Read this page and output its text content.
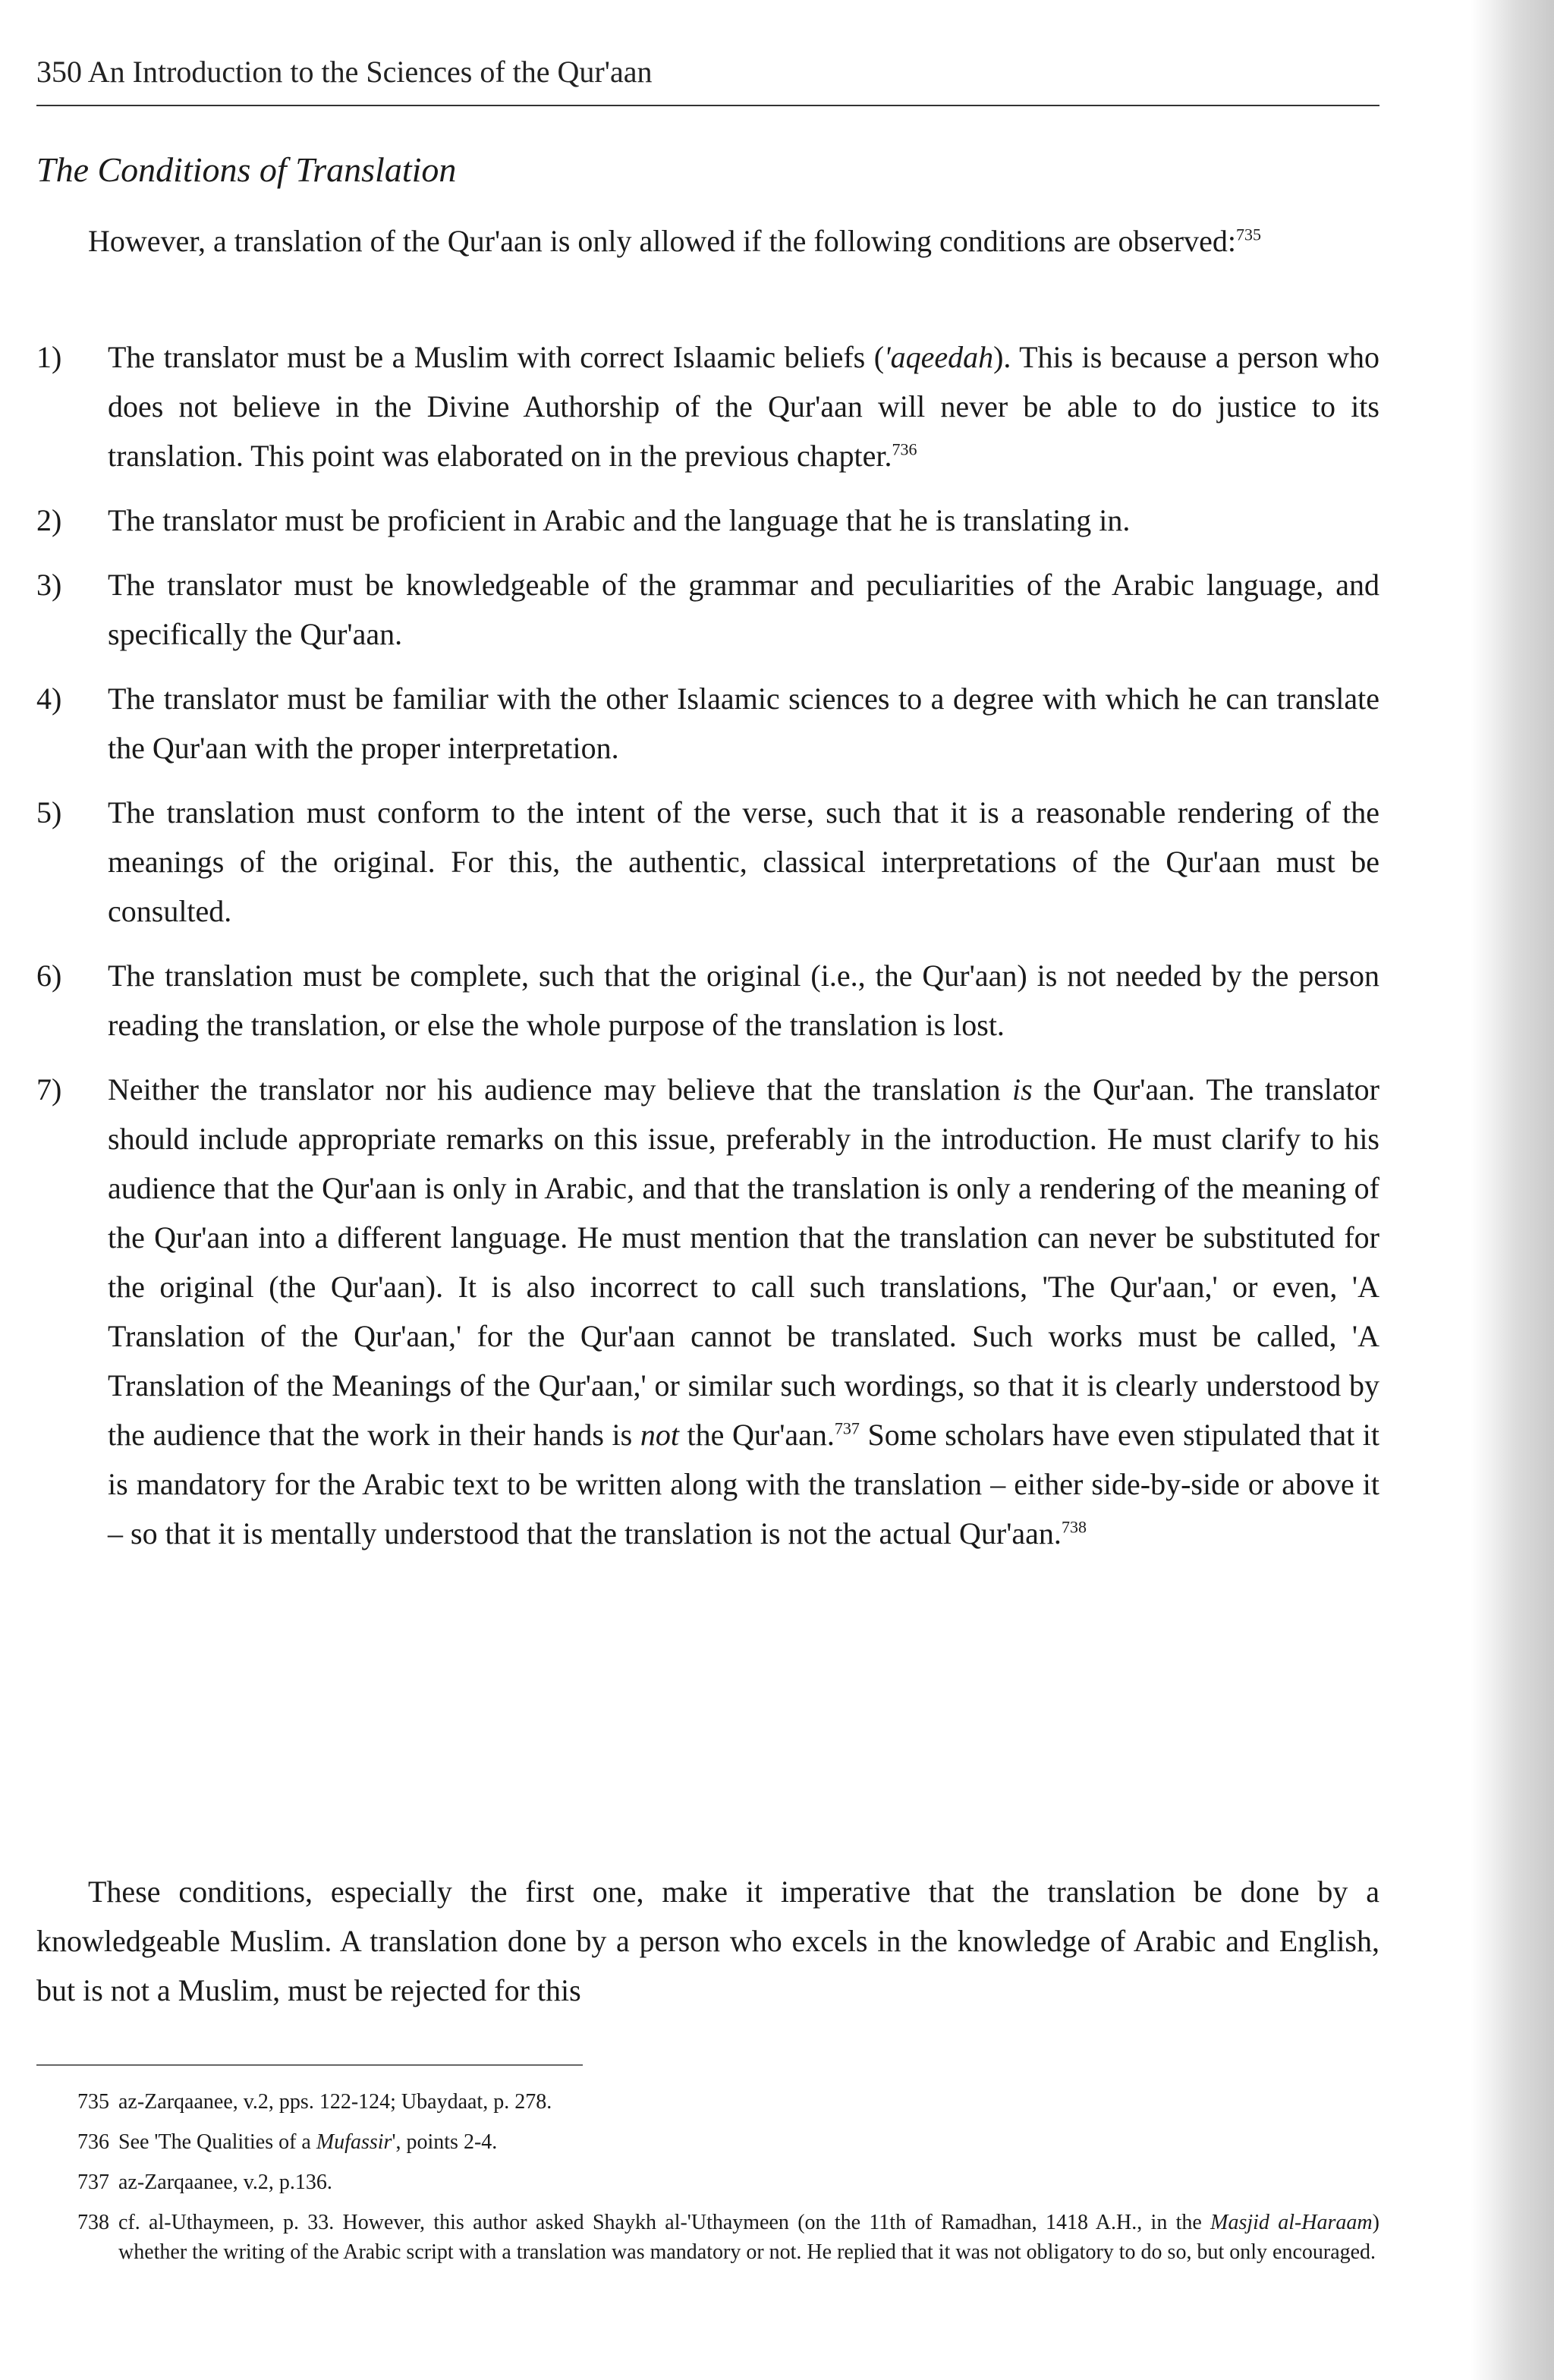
350 An Introduction to the Sciences of the Qur'aan
The Conditions of Translation

However, a translation of the Qur'aan is only allowed if the following conditions are observed:$^{735}$

1) The translator must be a Muslim with correct Islaamic beliefs ('aqeedah). This is because a person who does not believe in the Divine Authorship of the Qur'aan will never be able to do justice to its translation. This point was elaborated on in the previous chapter.$^{736}$
2) The translator must be proficient in Arabic and the language that he is translating in.
3) The translator must be knowledgeable of the grammar and peculiarities of the Arabic language, and specifically the Qur'aan.
4) The translator must be familiar with the other Islaamic sciences to a degree with which he can translate the Qur'aan with the proper interpretation.
5) The translation must conform to the intent of the verse, such that it is a reasonable rendering of the meanings of the original. For this, the authentic, classical interpretations of the Qur'aan must be consulted.
6) The translation must be complete, such that the original (i.e., the Qur'aan) is not needed by the person reading the translation, or else the whole purpose of the translation is lost.
7) Neither the translator nor his audience may believe that the translation is the Qur'aan. The translator should include appropriate remarks on this issue, preferably in the introduction. He must clarify to his audience that the Qur'aan is only in Arabic, and that the translation is only a rendering of the meaning of the Qur'aan into a different language. He must mention that the translation can never be substituted for the original (the Qur'aan). It is also incorrect to call such translations, 'The Qur'aan,' or even, 'A Translation of the Qur'aan,' for the Qur'aan cannot be translated. Such works must be called, 'A Translation of the Meanings of the Qur'aan,' or similar such wordings, so that it is clearly understood by the audience that the work in their hands is not the Qur'aan.$^{737}$ Some scholars have even stipulated that it is mandatory for the Arabic text to be written along with the translation – either side-by-side or above it – so that it is mentally understood that the translation is not the actual Qur'aan.$^{738}$

These conditions, especially the first one, make it imperative that the translation be done by a knowledgeable Muslim. A translation done by a person who excels in the knowledge of Arabic and English, but is not a Muslim, must be rejected for this

735 az-Zarqaanee, v.2, pps. 122-124; Ubaydaat, p. 278.
736 See 'The Qualities of a Mufassir', points 2-4.
737 az-Zarqaanee, v.2, p.136.
738 cf. al-Uthaymeen, p. 33. However, this author asked Shaykh al-'Uthaymeen (on the 11th of Ramadhan, 1418 A.H., in the Masjid al-Haraam) whether the writing of the Arabic script with a translation was mandatory or not. He replied that it was not obligatory to do so, but only encouraged.
